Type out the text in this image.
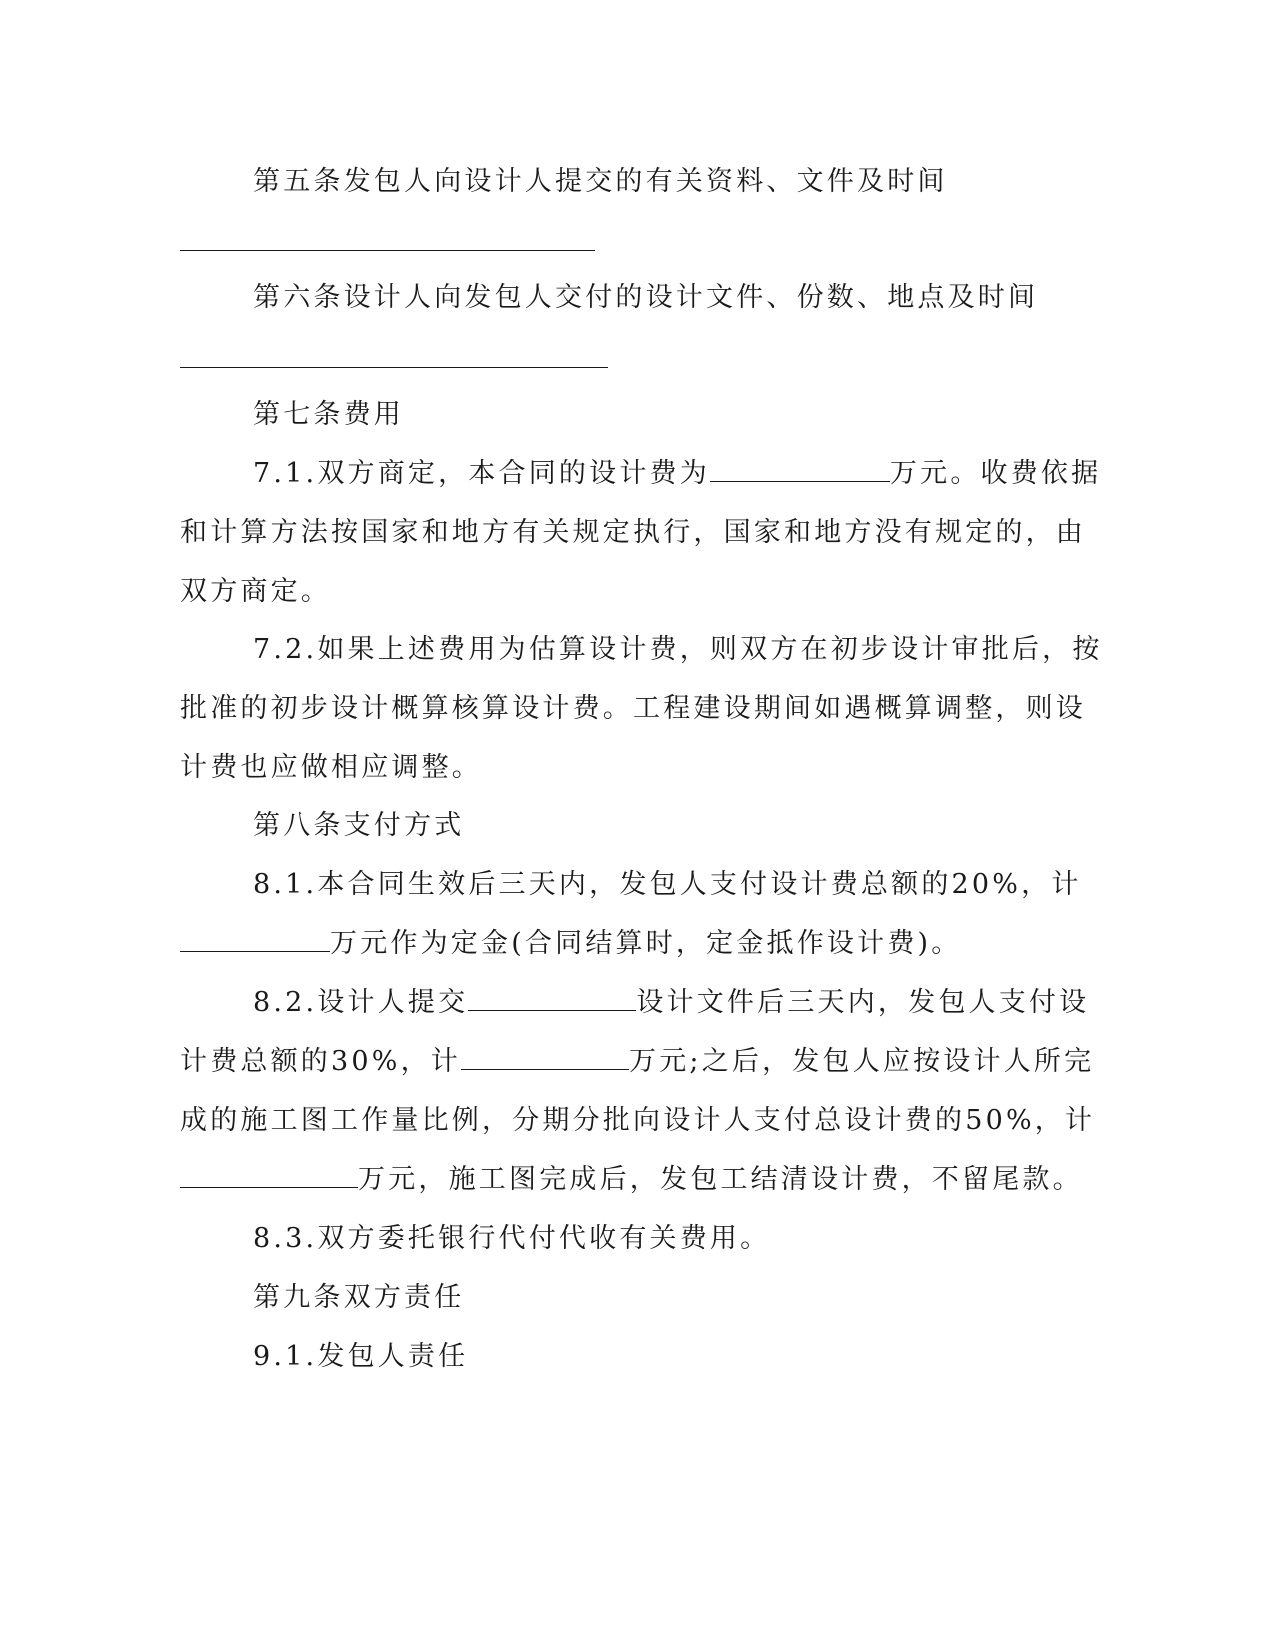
第五条发包人向设计人提交的有关资料、文件及时间
第六条设计人向发包人交付的设计文件、份数、地点及时间
第七条费用
7.1.双方商定，本合同的设计费为	万元。收费依据
和计算方法按国家和地方有关规定执行，国家和地方没有规定的，由
双方商定。
7.2.如果上述费用为估算设计费，则双方在初步设计审批后，按
批准的初步设计概算核算设计费。工程建设期间如遇概算调整，则设
计费也应做相应调整。
第八条支付方式
8.1.本合同生效后三天内，发包人支付设计费总额的20%，计
万元作为定金(合同结算时，定金抵作设计费)。
8.2.设计人提交	设计文件后三天内，发包人支付设
计费总额的30%，计	万元;之后，发包人应按设计人所完
成的施工图工作量比例，分期分批向设计人支付总设计费的50%，计
万元，施工图完成后，发包工结清设计费，不留尾款。
8.3.双方委托银行代付代收有关费用。
第九条双方责任
9.1.发包人责任
